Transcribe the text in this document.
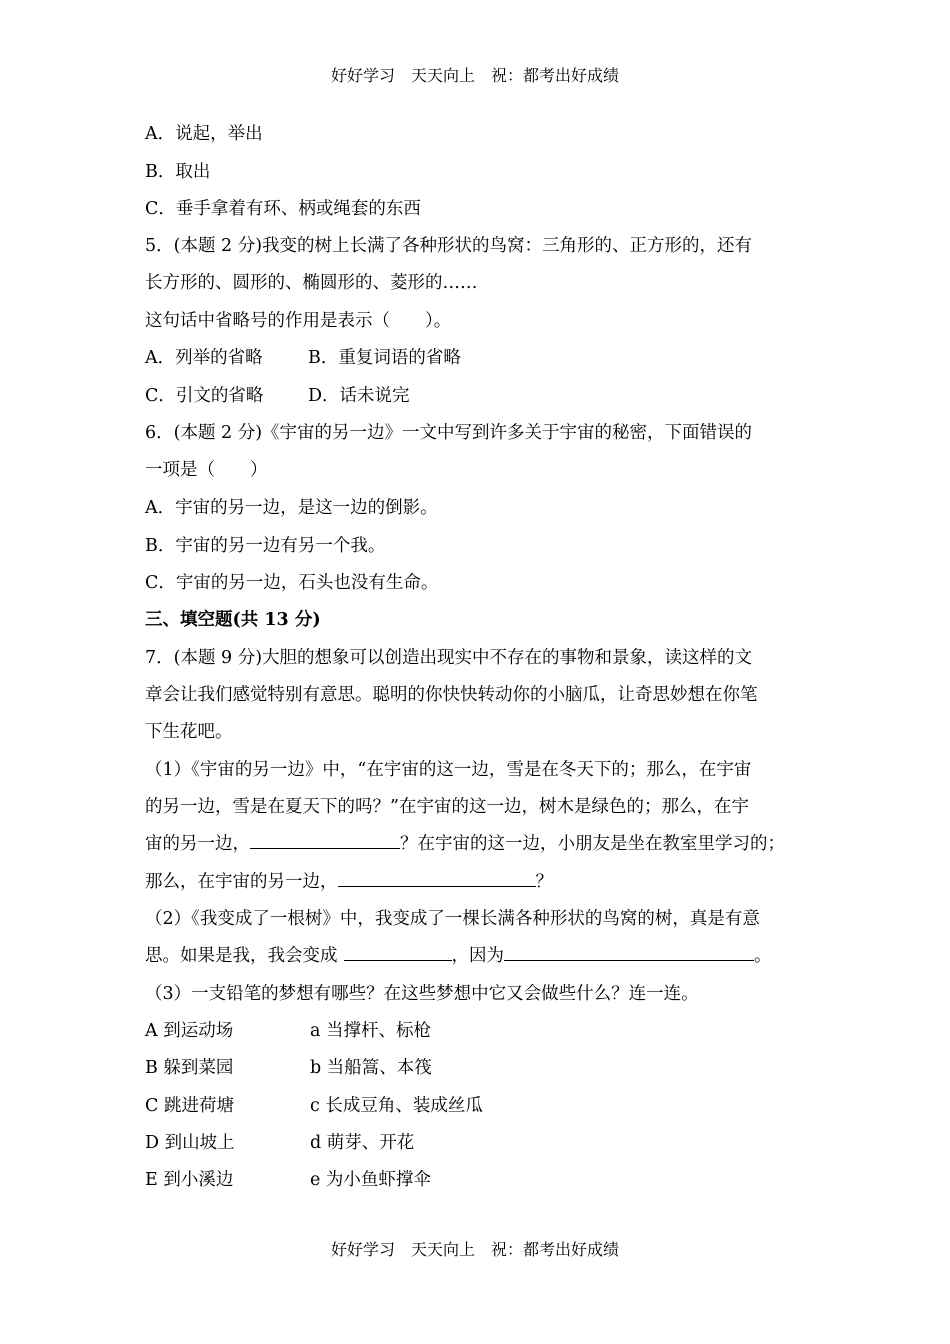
好好学习　天天向上　祝：都考出好成绩
A．说起，举出
B．取出
C．垂手拿着有环、柄或绳套的东西
5．(本题 2 分)我变的树上长满了各种形状的鸟窝：三角形的、正方形的，还有
长方形的、圆形的、椭圆形的、菱形的……
这句话中省略号的作用是表示（　　）。
A．列举的省略	B．重复词语的省略
C．引文的省略	D．话未说完
6．(本题 2 分)《宇宙的另一边》一文中写到许多关于宇宙的秘密，下面错误的
一项是（　　）
A．宇宙的另一边，是这一边的倒影。
B．宇宙的另一边有另一个我。
C．宇宙的另一边，石头也没有生命。
三、填空题(共 13 分)
7．(本题 9 分)大胆的想象可以创造出现实中不存在的事物和景象，读这样的文
章会让我们感觉特别有意思。聪明的你快快转动你的小脑瓜，让奇思妙想在你笔
下生花吧。
（1）《宇宙的另一边》中，“在宇宙的这一边，雪是在冬天下的；那么，在宇宙
的另一边，雪是在夏天下的吗？”在宇宙的这一边，树木是绿色的；那么，在宇
宙的另一边，	？在宇宙的这一边，小朋友是坐在教室里学习的；
那么，在宇宙的另一边，	？
（2）《我变成了一根树》中，我变成了一棵长满各种形状的鸟窝的树，真是有意
思。如果是我，我会变成	，因为	。
（3）一支铅笔的梦想有哪些？在这些梦想中它又会做些什么？连一连。
A 到运动场	a 当撑杆、标枪
B 躲到菜园	b 当船篙、本筏
C 跳进荷塘	c 长成豆角、装成丝瓜
D 到山坡上	d 萌芽、开花
E 到小溪边	e 为小鱼虾撑伞
好好学习　天天向上　祝：都考出好成绩
